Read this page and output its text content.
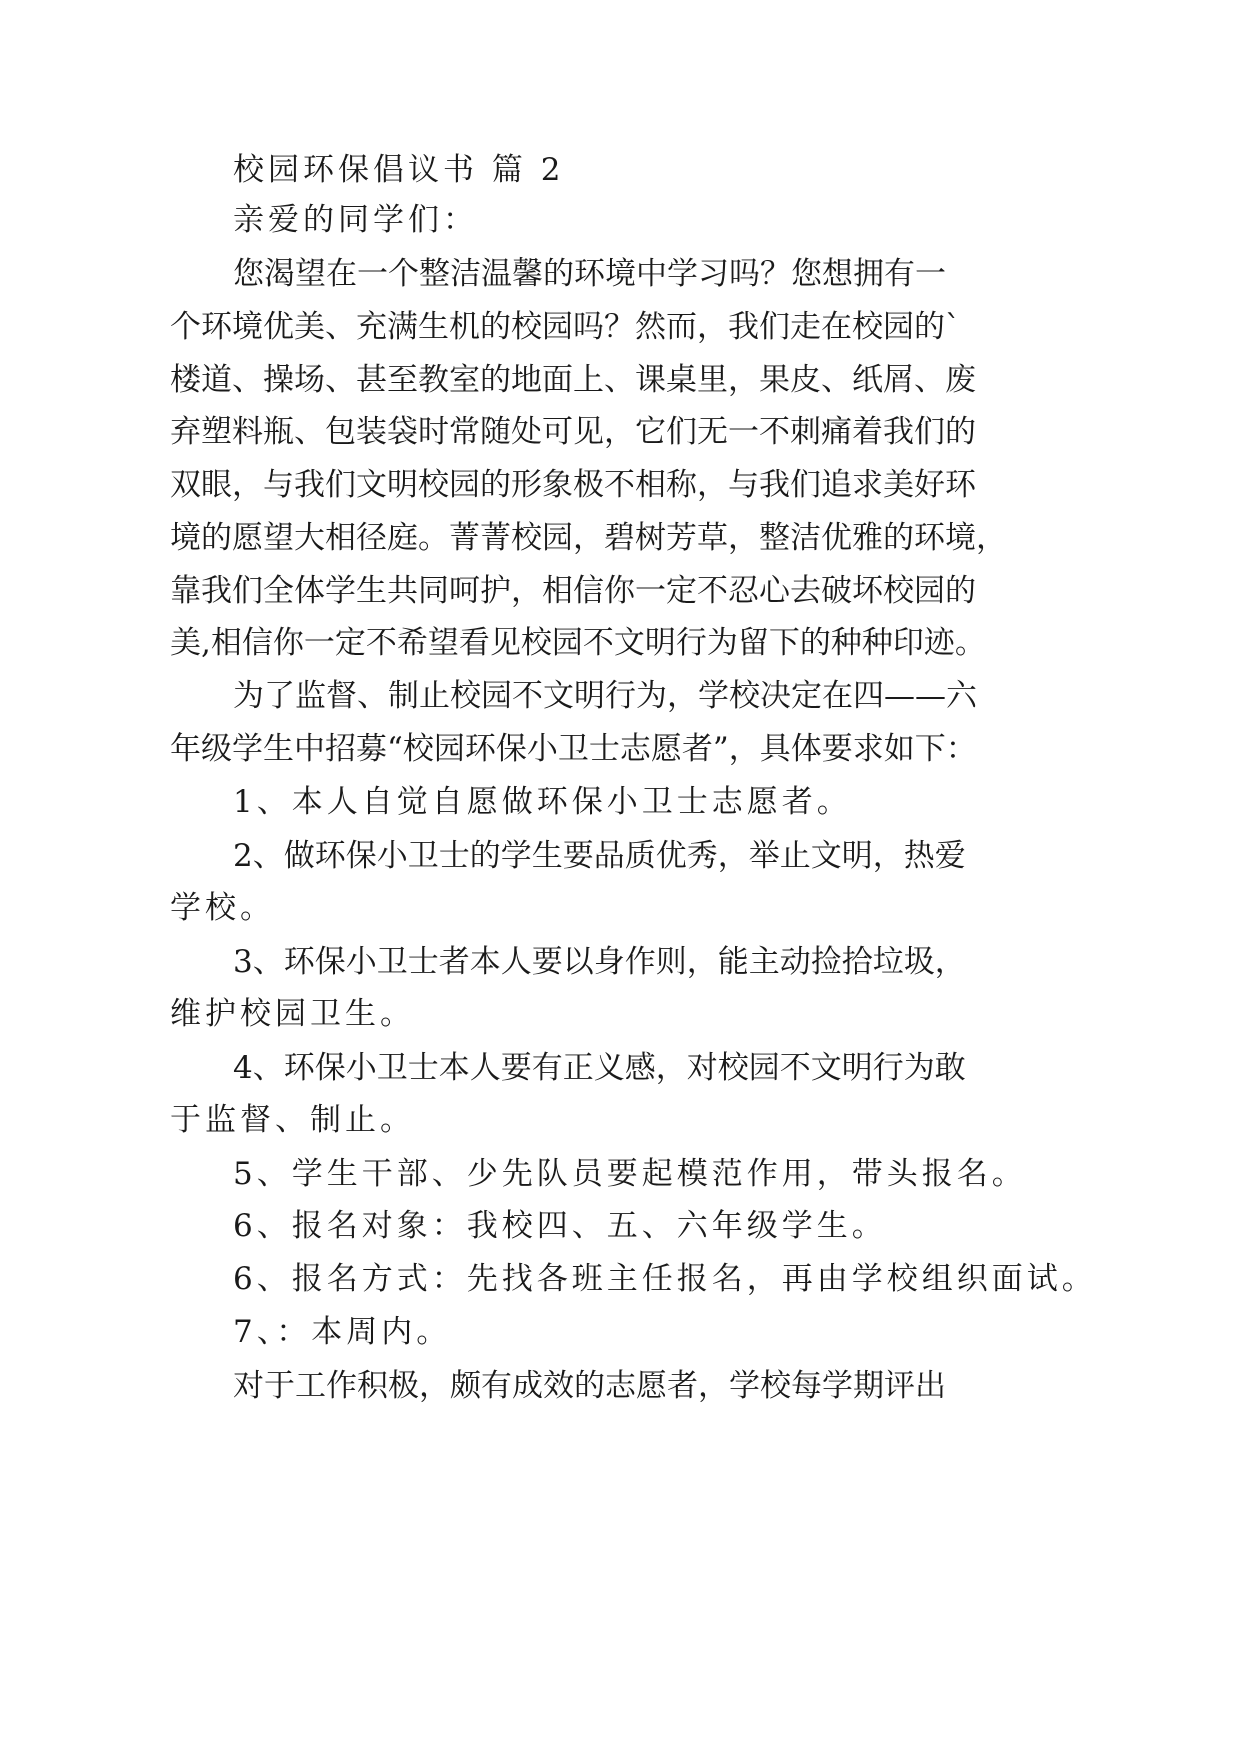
校园环保倡议书 篇 2

亲爱的同学们：

您渴望在一个整洁温馨的环境中学习吗？您想拥有一

个环境优美、充满生机的校园吗？然而，我们走在校园的`

楼道、操场、甚至教室的地面上、课桌里，果皮、纸屑、废

弃塑料瓶、包装袋时常随处可见，它们无一不刺痛着我们的

双眼，与我们文明校园的形象极不相称，与我们追求美好环

境的愿望大相径庭。菁菁校园，碧树芳草，整洁优雅的环境，

靠我们全体学生共同呵护，相信你一定不忍心去破坏校园的

美,相信你一定不希望看见校园不文明行为留下的种种印迹。

为了监督、制止校园不文明行为，学校决定在四——六

年级学生中招募“校园环保小卫士志愿者”，具体要求如下：

1、本人自觉自愿做环保小卫士志愿者。

2、做环保小卫士的学生要品质优秀，举止文明，热爱

学校。

3、环保小卫士者本人要以身作则，能主动捡拾垃圾，

维护校园卫生。

4、环保小卫士本人要有正义感，对校园不文明行为敢

于监督、制止。

5、学生干部、少先队员要起模范作用，带头报名。

6、报名对象：我校四、五、六年级学生。

6、报名方式：先找各班主任报名，再由学校组织面试。

7、：本周内。

对于工作积极，颇有成效的志愿者，学校每学期评出
